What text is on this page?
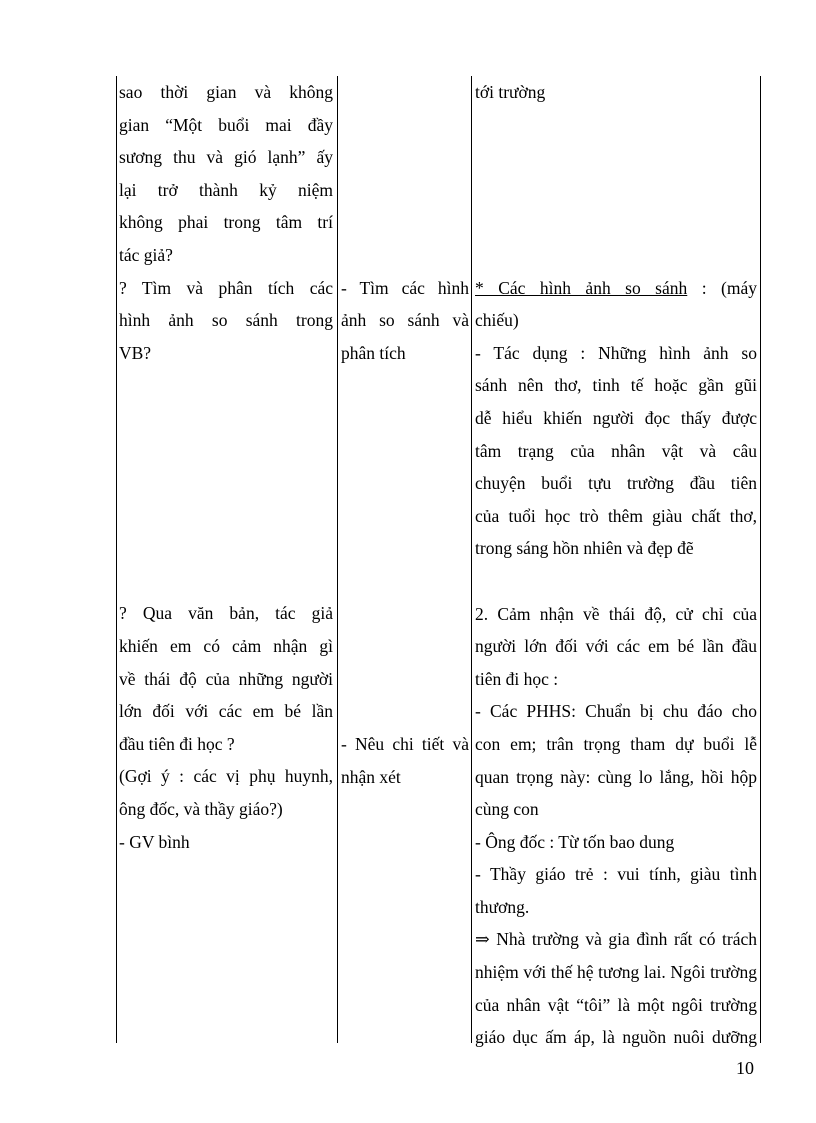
sao thời gian và không
gian “Một buổi mai đầy
sương thu và gió lạnh” ấy
lại trở thành kỷ niệm
không phai trong tâm trí
tác giả?
? Tìm và phân tích các
hình ảnh so sánh trong
VB?
? Qua văn bản, tác giả
khiến em có cảm nhận gì
về thái độ của những người
lớn đối với các em bé lần
đầu tiên đi học ?
(Gợi ý : các vị phụ huynh,
ông đốc, và thầy giáo?)
- GV bình
- Tìm các hình
ảnh so sánh và
phân tích
- Nêu chi tiết và
nhận xét
tới trường
* Các hình ảnh so sánh : (máy
chiếu)
- Tác dụng : Những hình ảnh so
sánh nên thơ, tinh tế hoặc gần gũi
dễ hiểu khiến người đọc thấy được
tâm trạng của nhân vật và câu
chuyện buổi tựu trường đầu tiên
của tuổi học trò thêm giàu chất thơ,
trong sáng hồn nhiên và đẹp đẽ
2. Cảm nhận về thái độ, cử chỉ của
người lớn đối với các em bé lần đầu
tiên đi học :
- Các PHHS: Chuẩn bị chu đáo cho
con em; trân trọng tham dự buổi lễ
quan trọng này: cùng lo lắng, hồi hộp
cùng con
- Ông đốc : Từ tốn bao dung
- Thầy giáo trẻ : vui tính, giàu tình
thương.
⇒ Nhà trường và gia đình rất có trách
nhiệm với thế hệ tương lai. Ngôi trường
của nhân vật “tôi” là một ngôi trường
giáo dục ấm áp, là nguồn nuôi dưỡng
10
